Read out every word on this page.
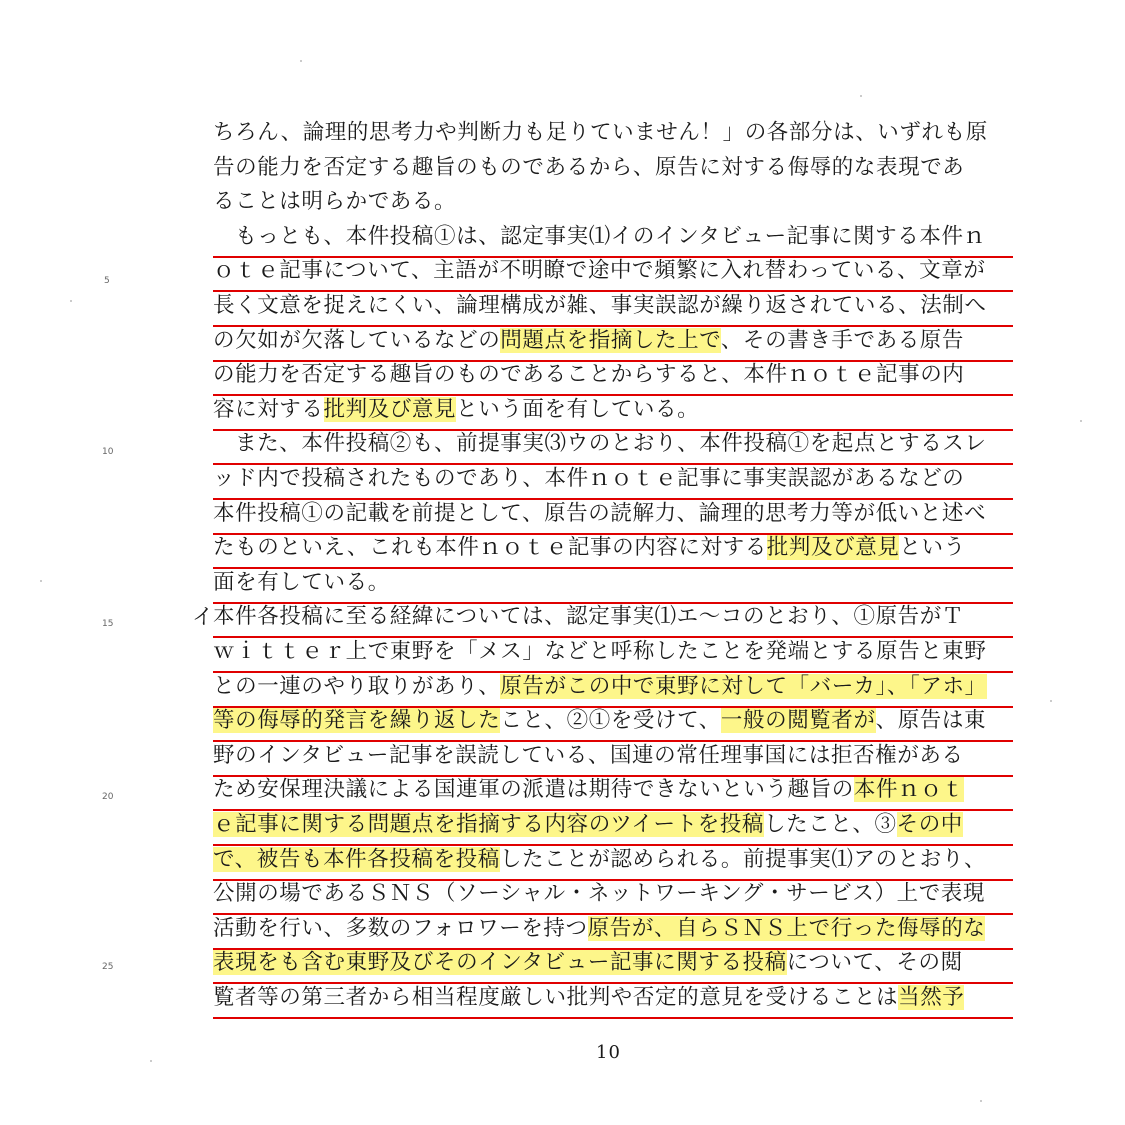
ちろん、論理的思考力や判断力も足りていません！」の各部分は、いずれも原
告の能力を否定する趣旨のものであるから、原告に対する侮辱的な表現であ
ることは明らかである。
　もっとも、本件投稿①は、認定事実⑴イのインタビュー記事に関する本件ｎ
ｏｔｅ記事について、主語が不明瞭で途中で頻繁に入れ替わっている、文章が
長く文意を捉えにくい、論理構成が雑、事実誤認が繰り返されている、法制へ
の欠如が欠落しているなどの問題点を指摘した上で、その書き手である原告
の能力を否定する趣旨のものであることからすると、本件ｎｏｔｅ記事の内
容に対する批判及び意見という面を有している。
　また、本件投稿②も、前提事実⑶ウのとおり、本件投稿①を起点とするスレ
ッド内で投稿されたものであり、本件ｎｏｔｅ記事に事実誤認があるなどの
本件投稿①の記載を前提として、原告の読解力、論理的思考力等が低いと述べ
たものといえ、これも本件ｎｏｔｅ記事の内容に対する批判及び意見という
面を有している。
本件各投稿に至る経緯については、認定事実⑴エ～コのとおり、①原告がＴ
ｗｉｔｔｅｒ上で東野を「メス」などと呼称したことを発端とする原告と東野
との一連のやり取りがあり、原告がこの中で東野に対して「バーカ」、「アホ」
等の侮辱的発言を繰り返したこと、②①を受けて、一般の閲覧者が、原告は東
野のインタビュー記事を誤読している、国連の常任理事国には拒否権がある
ため安保理決議による国連軍の派遣は期待できないという趣旨の本件ｎｏｔ
ｅ記事に関する問題点を指摘する内容のツイートを投稿したこと、③その中
で、被告も本件各投稿を投稿したことが認められる。前提事実⑴アのとおり、
公開の場であるＳＮＳ（ソーシャル・ネットワーキング・サービス）上で表現
活動を行い、多数のフォロワーを持つ原告が、自らＳＮＳ上で行った侮辱的な
表現をも含む東野及びそのインタビュー記事に関する投稿について、その閲
覧者等の第三者から相当程度厳しい批判や否定的意見を受けることは当然予
5
10
15
20
25
イ
10
